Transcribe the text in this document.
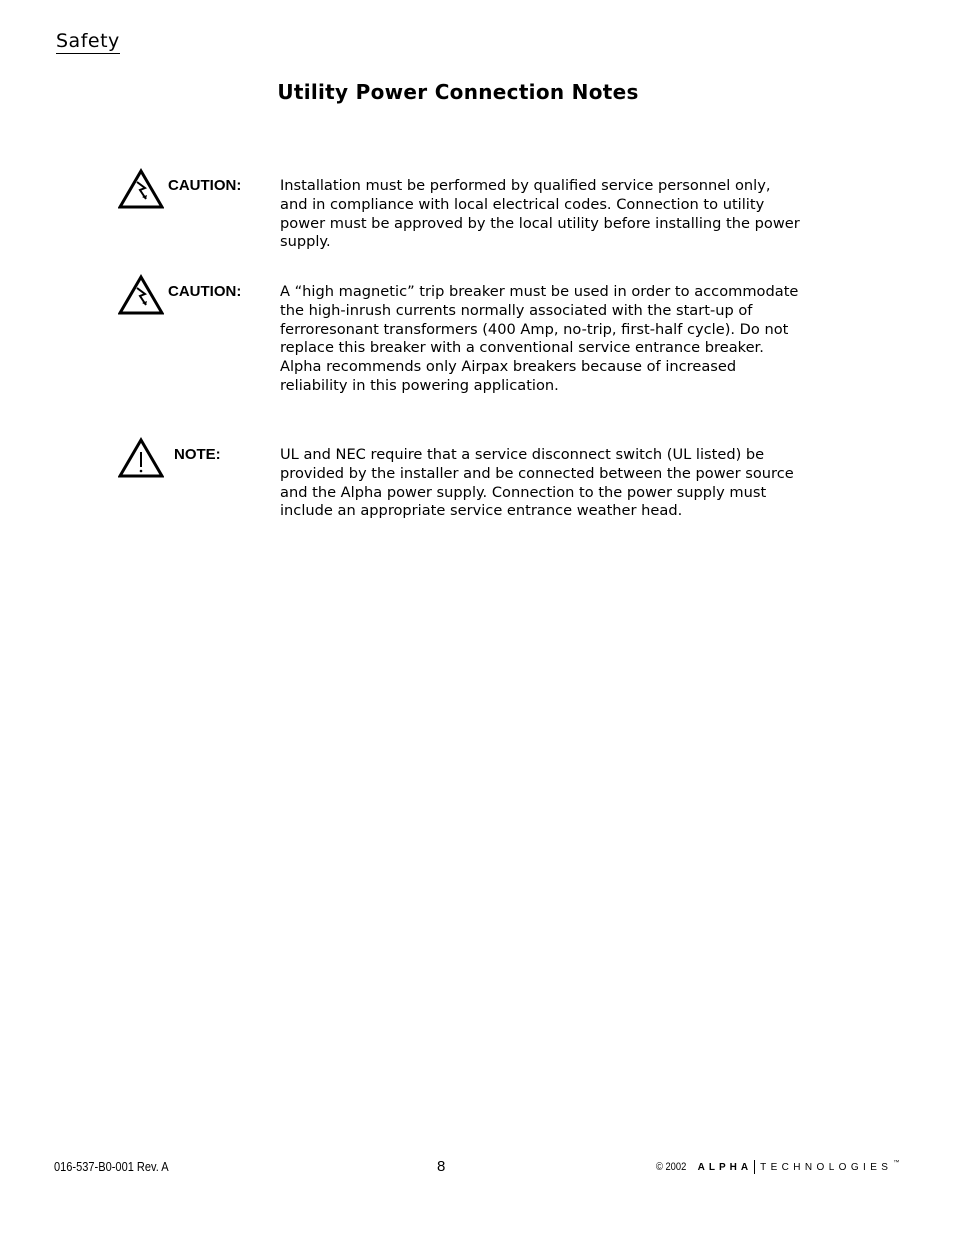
Safety
Utility Power Connection Notes
CAUTION:	Installation must be performed by qualified service personnel only, and in compliance with local electrical codes. Connection to utility power must be approved by the local utility before installing the power supply.
CAUTION:	A “high magnetic” trip breaker must be used in order to accommodate the high-inrush currents normally associated with the start-up of ferroresonant transformers (400 Amp, no-trip, first-half cycle). Do not replace this breaker with a conventional service entrance breaker. Alpha recommends only Airpax breakers because of increased reliability in this powering application.
NOTE:	UL and NEC require that a service disconnect switch (UL listed) be provided by the installer and be connected between the power source and the Alpha power supply. Connection to the power supply must include an appropriate service entrance weather head.
016-537-B0-001 Rev. A	8	© 2002 ALPHA TECHNOLOGIES ™
